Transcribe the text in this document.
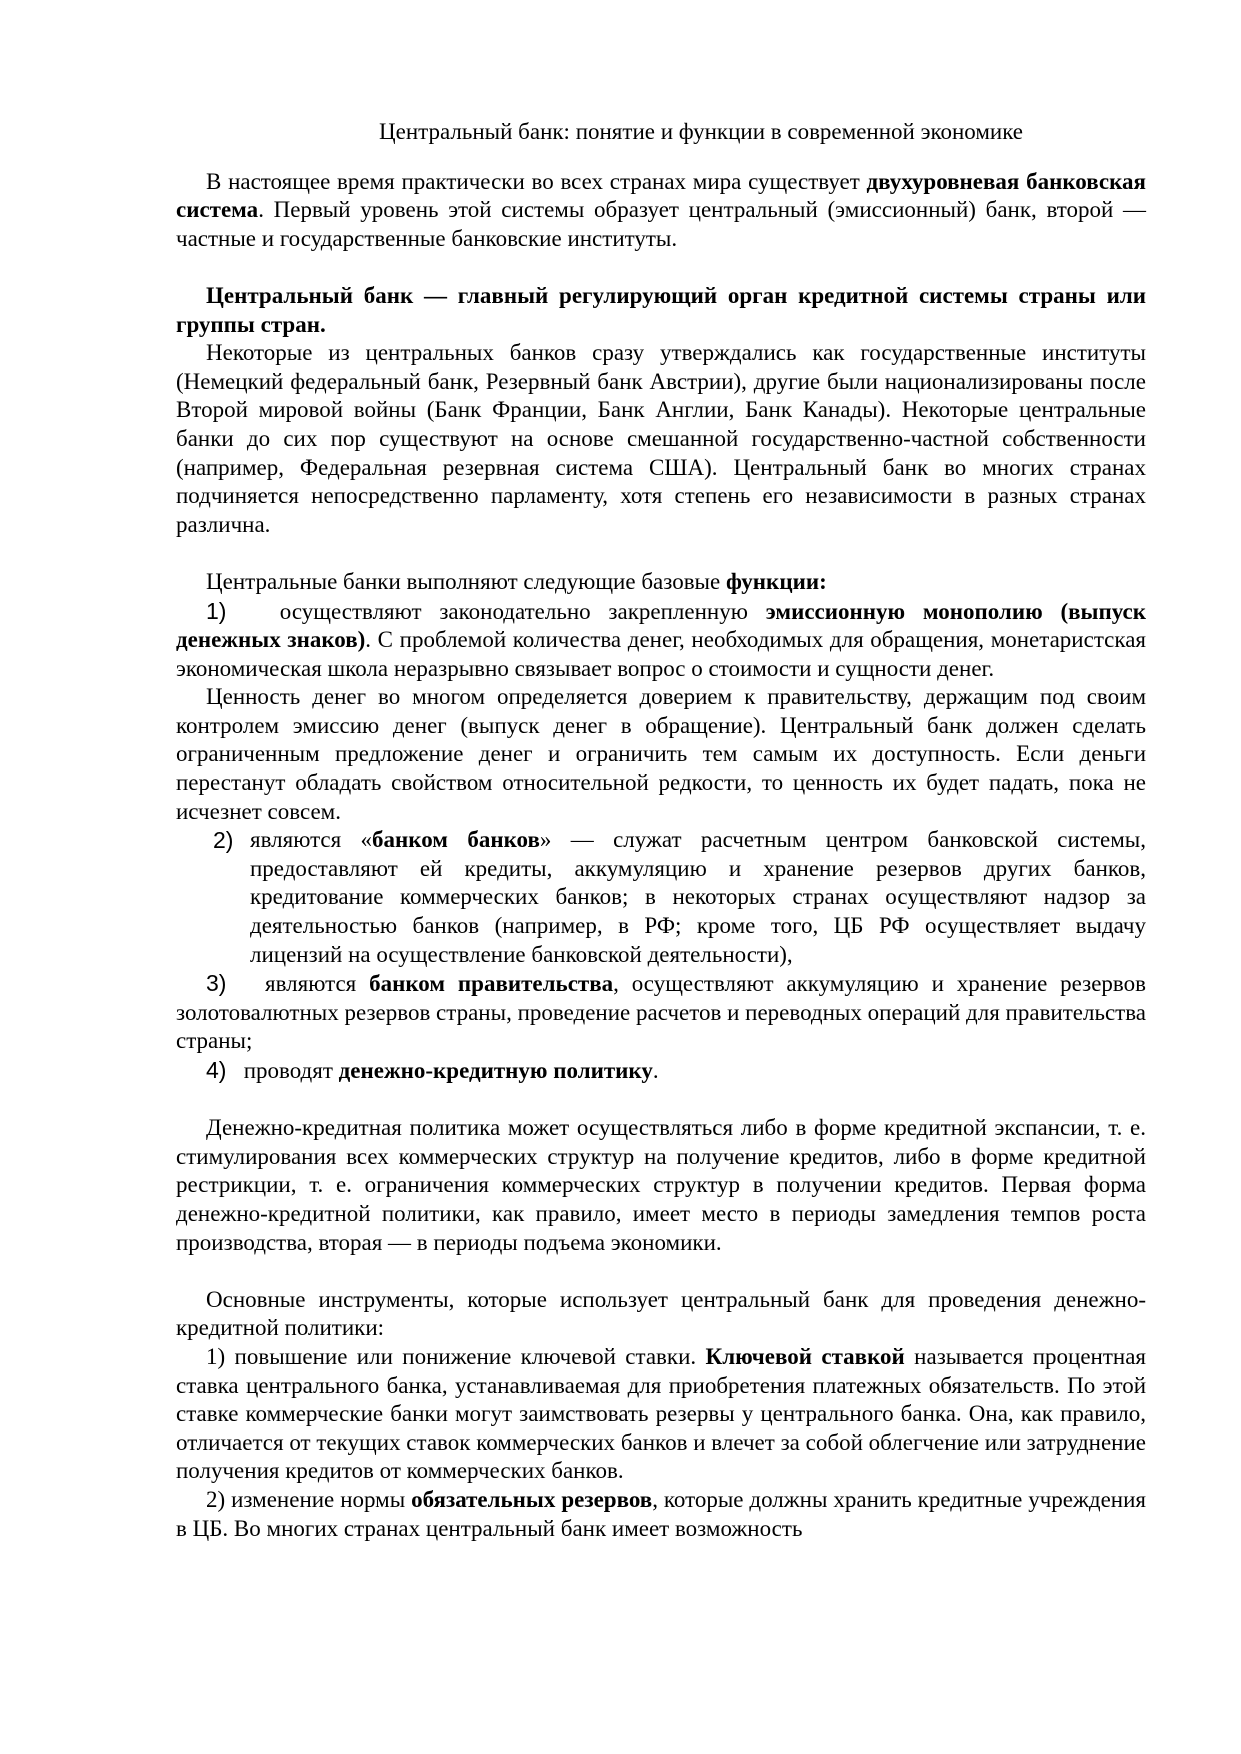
Центральный банк: понятие и функции в современной экономике

В настоящее время практически во всех странах мира существует двухуровневая банковская система. Первый уровень этой системы образует центральный (эмиссионный) банк, второй — частные и государственные банковские институты.

Центральный банк — главный регулирующий орган кредитной системы страны или группы стран.

Некоторые из центральных банков сразу утверждались как государственные институты (Немецкий федеральный банк, Резервный банк Австрии), другие были национализированы после Второй мировой войны (Банк Франции, Банк Англии, Банк Канады). Некоторые центральные банки до сих пор существуют на основе смешанной государственно-частной собственности (например, Федеральная резервная система США). Центральный банк во многих странах подчиняется непосредственно парламенту, хотя степень его независимости в разных странах различна.

Центральные банки выполняют следующие базовые функции:

1) осуществляют законодательно закрепленную эмиссионную монополию (выпуск денежных знаков). С проблемой количества денег, необходимых для обращения, монетаристская экономическая школа неразрывно связывает вопрос о стоимости и сущности денег.

Ценность денег во многом определяется доверием к правительству, держащим под своим контролем эмиссию денег (выпуск денег в обращение). Центральный банк должен сделать ограниченным предложение денег и ограничить тем самым их доступность. Если деньги перестанут обладать свойством относительной редкости, то ценность их будет падать, пока не исчезнет совсем.

2) являются «банком банков» — служат расчетным центром банковской системы, предоставляют ей кредиты, аккумуляцию и хранение резервов других банков, кредитование коммерческих банков; в некоторых странах осуществляют надзор за деятельностью банков (например, в РФ; кроме того, ЦБ РФ осуществляет выдачу лицензий на осуществление банковской деятельности),

3) являются банком правительства, осуществляют аккумуляцию и хранение резервов золотовалютных резервов страны, проведение расчетов и переводных операций для правительства страны;

4) проводят денежно-кредитную политику.

Денежно-кредитная политика может осуществляться либо в форме кредитной экспансии, т. е. стимулирования всех коммерческих структур на получение кредитов, либо в форме кредитной рестрикции, т. е. ограничения коммерческих структур в получении кредитов. Первая форма денежно-кредитной политики, как правило, имеет место в периоды замедления темпов роста производства, вторая — в периоды подъема экономики.

Основные инструменты, которые использует центральный банк для проведения денежно-кредитной политики:

1) повышение или понижение ключевой ставки. Ключевой ставкой называется процентная ставка центрального банка, устанавливаемая для приобретения платежных обязательств. По этой ставке коммерческие банки могут заимствовать резервы у центрального банка. Она, как правило, отличается от текущих ставок коммерческих банков и влечет за собой облегчение или затруднение получения кредитов от коммерческих банков.

2) изменение нормы обязательных резервов, которые должны хранить кредитные учреждения в ЦБ. Во многих странах центральный банк имеет возможность
